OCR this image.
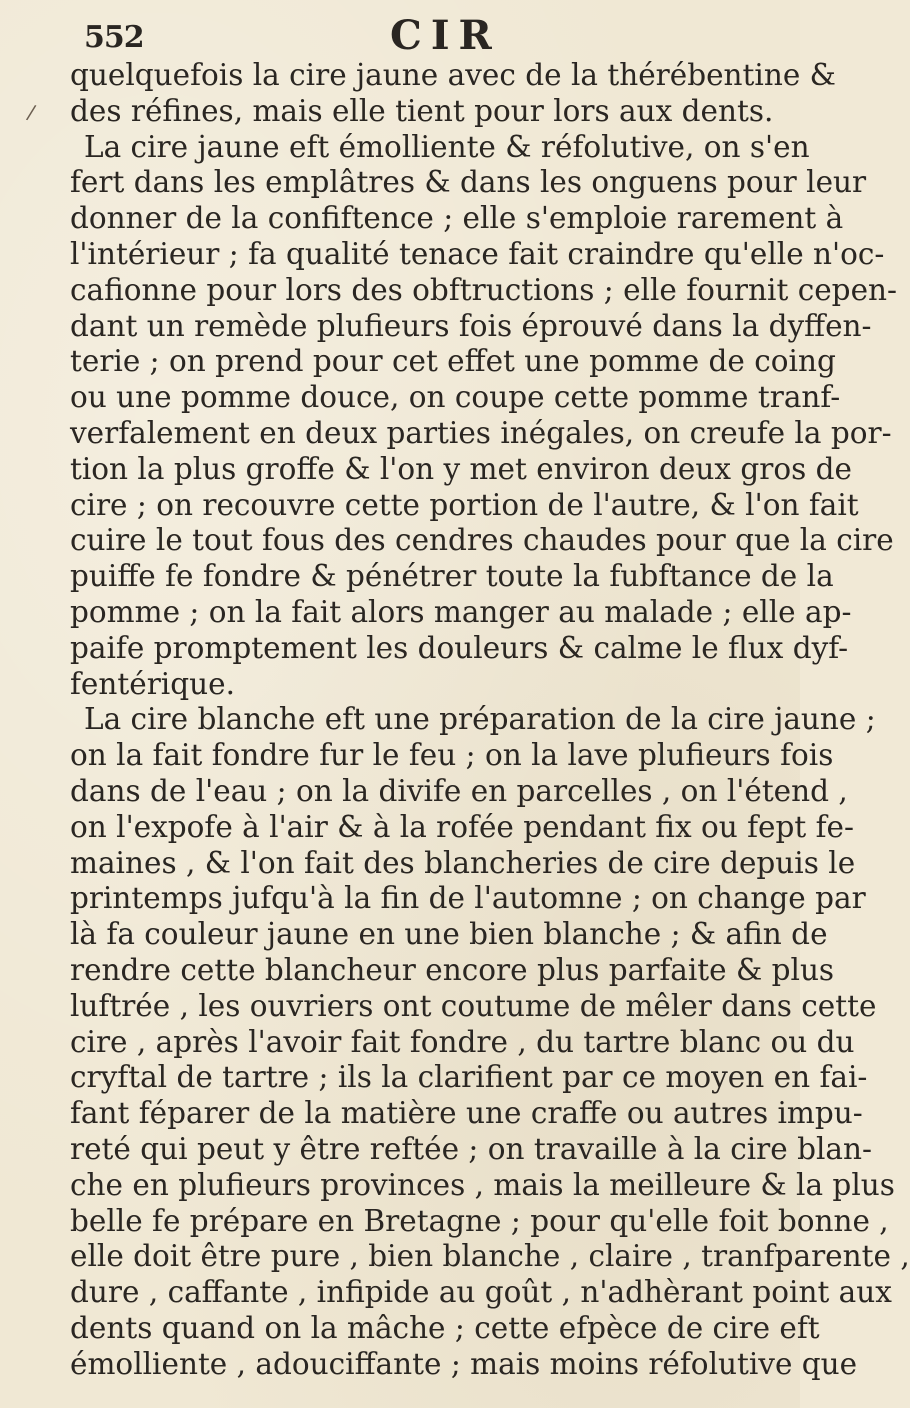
552	CIR
/
quelquefois la cire jaune avec de la thérébentine &
des réfines, mais elle tient pour lors aux dents.
La cire jaune eft émolliente & réfolutive, on s'en
fert dans les emplâtres & dans les onguens pour leur
donner de la confiftence ; elle s'emploie rarement à
l'intérieur ; fa qualité tenace fait craindre qu'elle n'oc-
cafionne pour lors des obftructions ; elle fournit cepen-
dant un remède plufieurs fois éprouvé dans la dyffen-
terie ; on prend pour cet effet une pomme de coing
ou une pomme douce, on coupe cette pomme tranf-
verfalement en deux parties inégales, on creufe la por-
tion la plus groffe & l'on y met environ deux gros de
cire ; on recouvre cette portion de l'autre, & l'on fait
cuire le tout fous des cendres chaudes pour que la cire
puiffe fe fondre & pénétrer toute la fubftance de la
pomme ; on la fait alors manger au malade ; elle ap-
paife promptement les douleurs & calme le flux dyf-
fentérique.
La cire blanche eft une préparation de la cire jaune ;
on la fait fondre fur le feu ; on la lave plufieurs fois
dans de l'eau ; on la divife en parcelles , on l'étend ,
on l'expofe à l'air & à la rofée pendant fix ou fept fe-
maines , & l'on fait des blancheries de cire depuis le
printemps jufqu'à la fin de l'automne ; on change par
là fa couleur jaune en une bien blanche ; & afin de
rendre cette blancheur encore plus parfaite & plus
luftrée , les ouvriers ont coutume de mêler dans cette
cire , après l'avoir fait fondre , du tartre blanc ou du
cryftal de tartre ; ils la clarifient par ce moyen en fai-
fant féparer de la matière une craffe ou autres impu-
reté qui peut y être reftée ; on travaille à la cire blan-
che en plufieurs provinces , mais la meilleure & la plus
belle fe prépare en Bretagne ; pour qu'elle foit bonne ,
elle doit être pure , bien blanche , claire , tranfparente ,
dure , caffante , infipide au goût , n'adhèrant point aux
dents quand on la mâche ; cette efpèce de cire eft
émolliente , adouciffante ; mais moins réfolutive que
